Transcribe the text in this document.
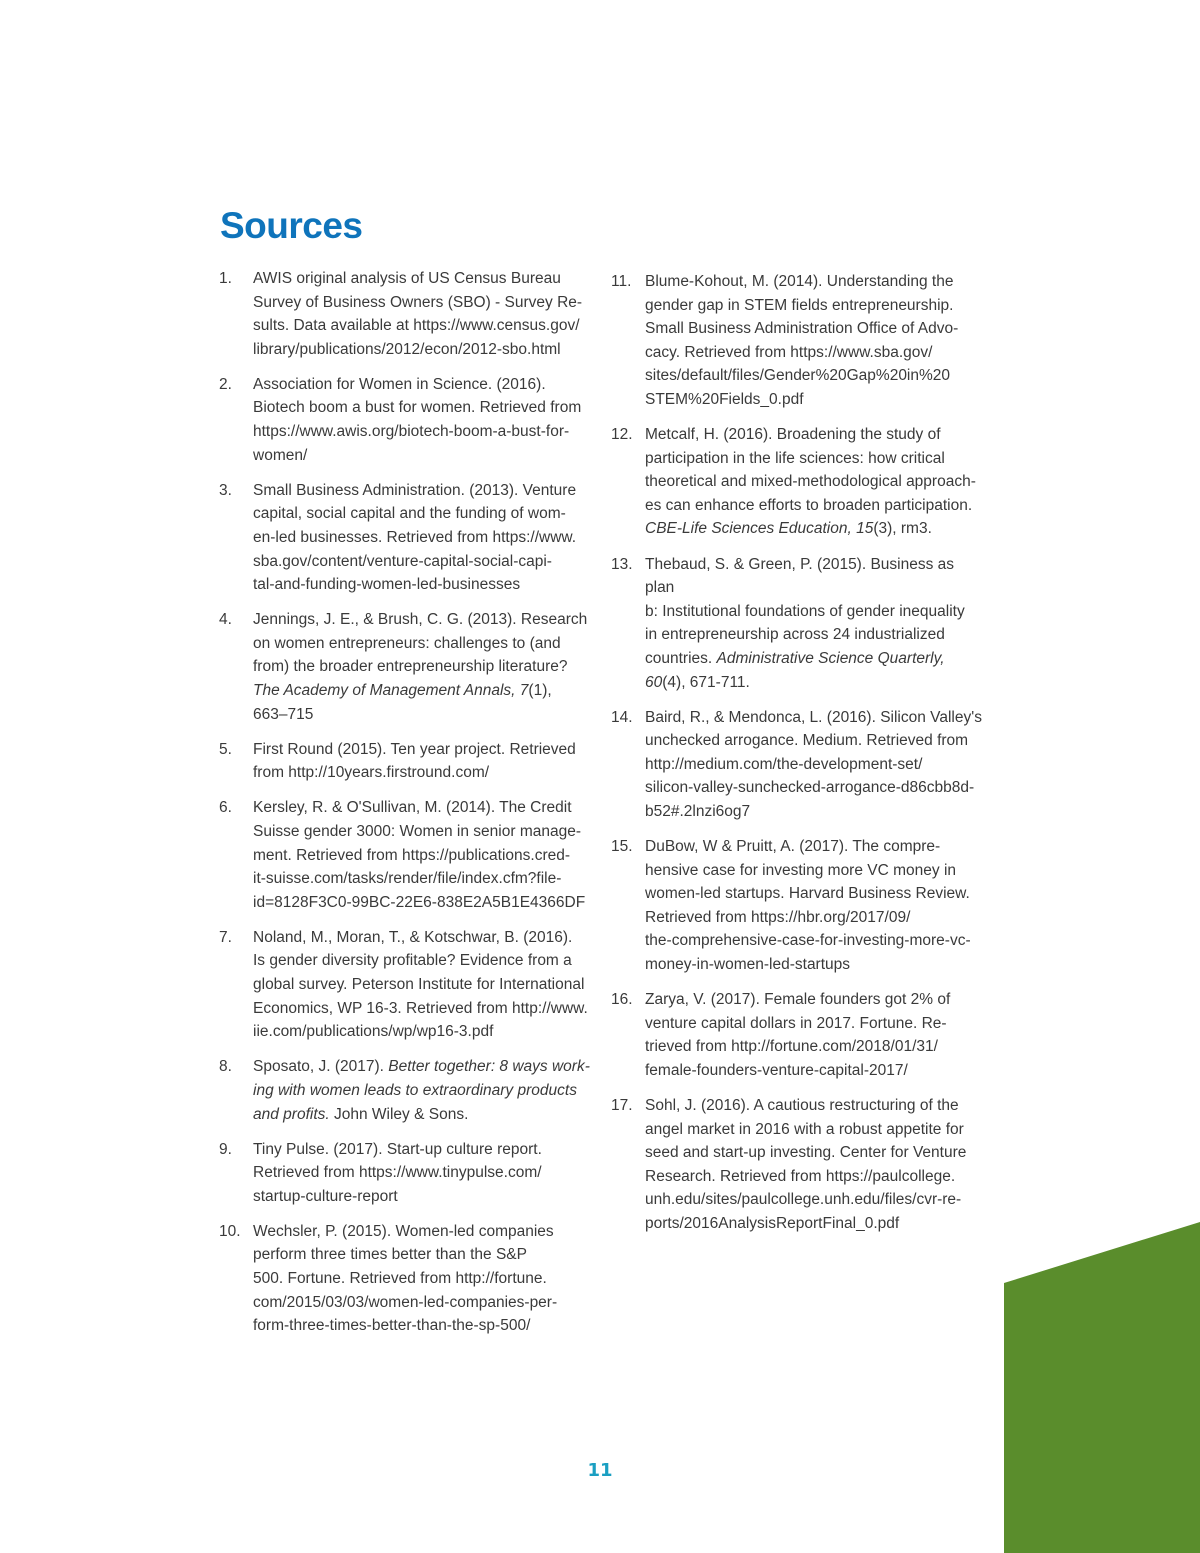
Sources
1. AWIS original analysis of US Census Bureau
Survey of Business Owners (SBO) - Survey Re-
sults. Data available at https://www.census.gov/
library/publications/2012/econ/2012-sbo.html
2. Association for Women in Science. (2016).
Biotech boom a bust for women. Retrieved from
https://www.awis.org/biotech-boom-a-bust-for-
women/
3. Small Business Administration. (2013). Venture
capital, social capital and the funding of wom-
en-led businesses. Retrieved from https://www.
sba.gov/content/venture-capital-social-capi-
tal-and-funding-women-led-businesses
4. Jennings, J. E., & Brush, C. G. (2013). Research
on women entrepreneurs: challenges to (and
from) the broader entrepreneurship literature?
The Academy of Management Annals, 7(1),
663–715
5. First Round (2015). Ten year project. Retrieved
from http://10years.firstround.com/
6. Kersley, R. & O'Sullivan, M. (2014). The Credit
Suisse gender 3000: Women in senior manage-
ment. Retrieved from https://publications.cred-
it-suisse.com/tasks/render/file/index.cfm?file-
id=8128F3C0-99BC-22E6-838E2A5B1E4366DF
7. Noland, M., Moran, T., & Kotschwar, B. (2016).
Is gender diversity profitable? Evidence from a
global survey. Peterson Institute for International
Economics, WP 16-3. Retrieved from http://www.
iie.com/publications/wp/wp16-3.pdf
8. Sposato, J. (2017). Better together: 8 ways work-
ing with women leads to extraordinary products
and profits. John Wiley & Sons.
9. Tiny Pulse. (2017). Start-up culture report.
Retrieved from https://www.tinypulse.com/
startup-culture-report
10. Wechsler, P. (2015). Women-led companies
perform three times better than the S&P
500. Fortune. Retrieved from http://fortune.
com/2015/03/03/women-led-companies-per-
form-three-times-better-than-the-sp-500/
11. Blume-Kohout, M. (2014). Understanding the
gender gap in STEM fields entrepreneurship.
Small Business Administration Office of Advo-
cacy. Retrieved from https://www.sba.gov/
sites/default/files/Gender%20Gap%20in%20
STEM%20Fields_0.pdf
12. Metcalf, H. (2016). Broadening the study of
participation in the life sciences: how critical
theoretical and mixed-methodological approach-
es can enhance efforts to broaden participation.
CBE-Life Sciences Education, 15(3), rm3.
13. Thebaud, S. & Green, P. (2015). Business as plan
b: Institutional foundations of gender inequality
in entrepreneurship across 24 industrialized
countries. Administrative Science Quarterly,
60(4), 671-711.
14. Baird, R., & Mendonca, L. (2016). Silicon Valley's
unchecked arrogance. Medium. Retrieved from
http://medium.com/the-development-set/
silicon-valley-sunchecked-arrogance-d86cbb8d-
b52#.2lnzi6og7
15. DuBow, W & Pruitt, A. (2017). The compre-
hensive case for investing more VC money in
women-led startups. Harvard Business Review.
Retrieved from https://hbr.org/2017/09/
the-comprehensive-case-for-investing-more-vc-
money-in-women-led-startups
16. Zarya, V. (2017). Female founders got 2% of
venture capital dollars in 2017. Fortune. Re-
trieved from http://fortune.com/2018/01/31/
female-founders-venture-capital-2017/
17. Sohl, J. (2016). A cautious restructuring of the
angel market in 2016 with a robust appetite for
seed and start-up investing. Center for Venture
Research. Retrieved from https://paulcollege.
unh.edu/sites/paulcollege.unh.edu/files/cvr-re-
ports/2016AnalysisReportFinal_0.pdf
11
